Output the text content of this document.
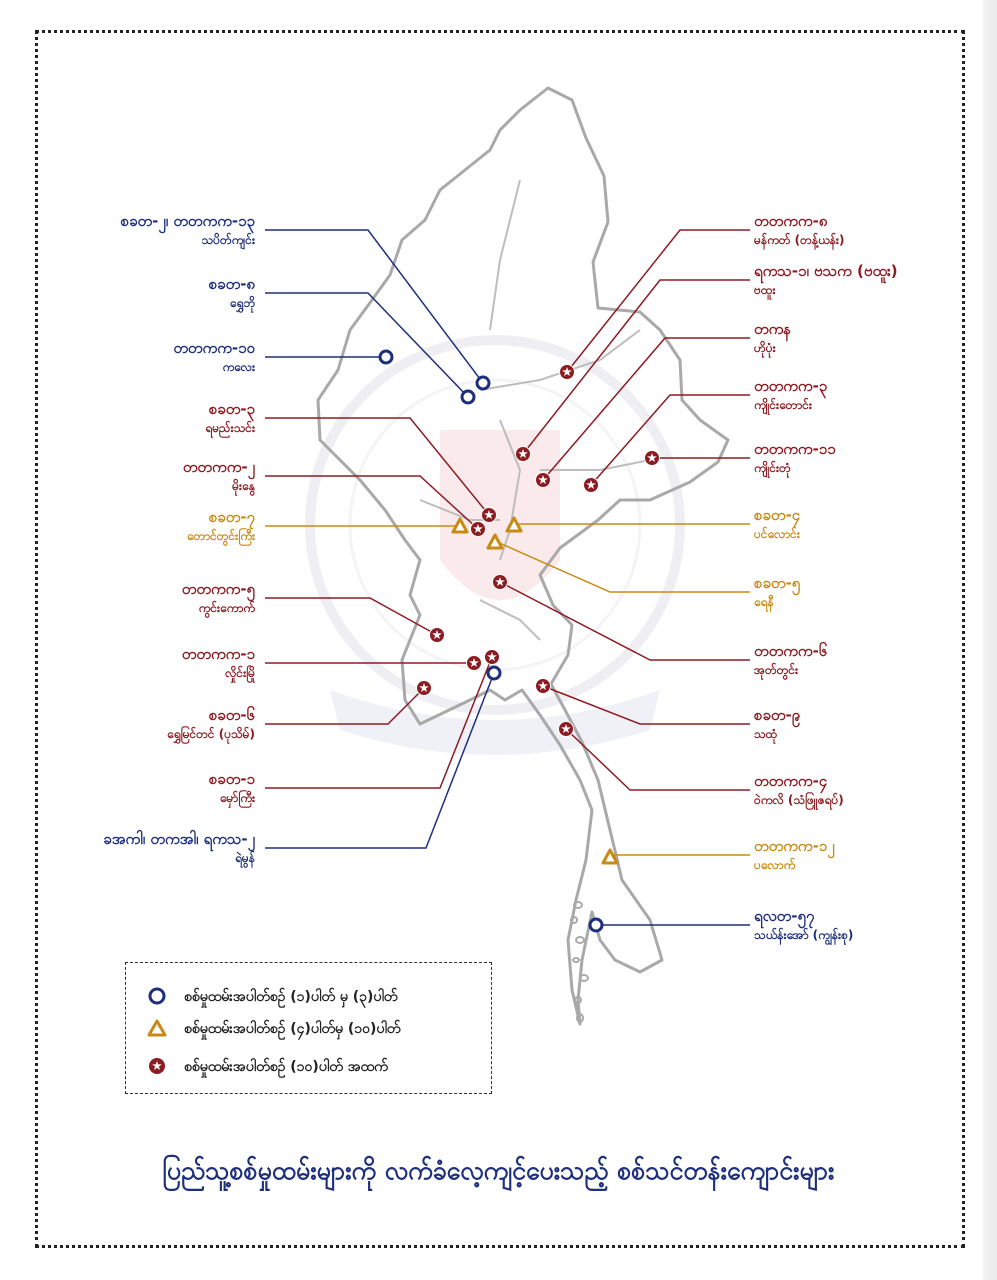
စခတ-၂၊ တတကက-၁၃
သပိတ်ကျင်း
စခတ-၈
ရွှေဘို
တတကက-၁၀
ကလေး
စခတ-၃
ရမည်းသင်း
တတကက-၂
မိုးနွေ
စခတ-၇
တောင်တွင်းကြီး
တတကက-၅
ကွင်းကောက်
တတကက-၁
လှိုင်းမြို
စခတ-၆
ရွှေမြင်တင် (ပုသိမ်)
စခတ-၁
မှော်ကြီး
ခအကါ၊ တကအါ၊ ရကသ-၂
ရဲမွန်
တတကက-၈
မန်ကတ် (တန့်ယန်း)
ရကသ-၁၊ ဗသက (ဗထူး)
ဗထူး
တကန
ဟိုပုံး
တတကက-၃
ကျိုင်းတောင်း
တတကက-၁၁
ကျိုင်းတုံ
စခတ-၄
ပင်လောင်း
စခတ-၅
ရေနီ
တတကက-၆
အုတ်တွင်း
စခတ-၉
သထုံ
တတကက-၄
ဝဲကလိ (သံဖြူဇရပ်)
တတကက-၁၂
ပလောက်
ရလတ-၅၇
သယ်န်းအော် (ကျွန်းစု)
စစ်မှုထမ်းအပါတ်စဥ် (၁)ပါတ် မှ (၃)ပါတ်
စစ်မှုထမ်းအပါတ်စဥ် (၄)ပါတ်မှ (၁၀)ပါတ်
စစ်မှုထမ်းအပါတ်စဥ် (၁၀)ပါတ် အထက်
ပြည်သူ့စစ်မှုထမ်းများကို လက်ခံလေ့ကျင့်ပေးသည့် စစ်သင်တန်းကျောင်းများ
